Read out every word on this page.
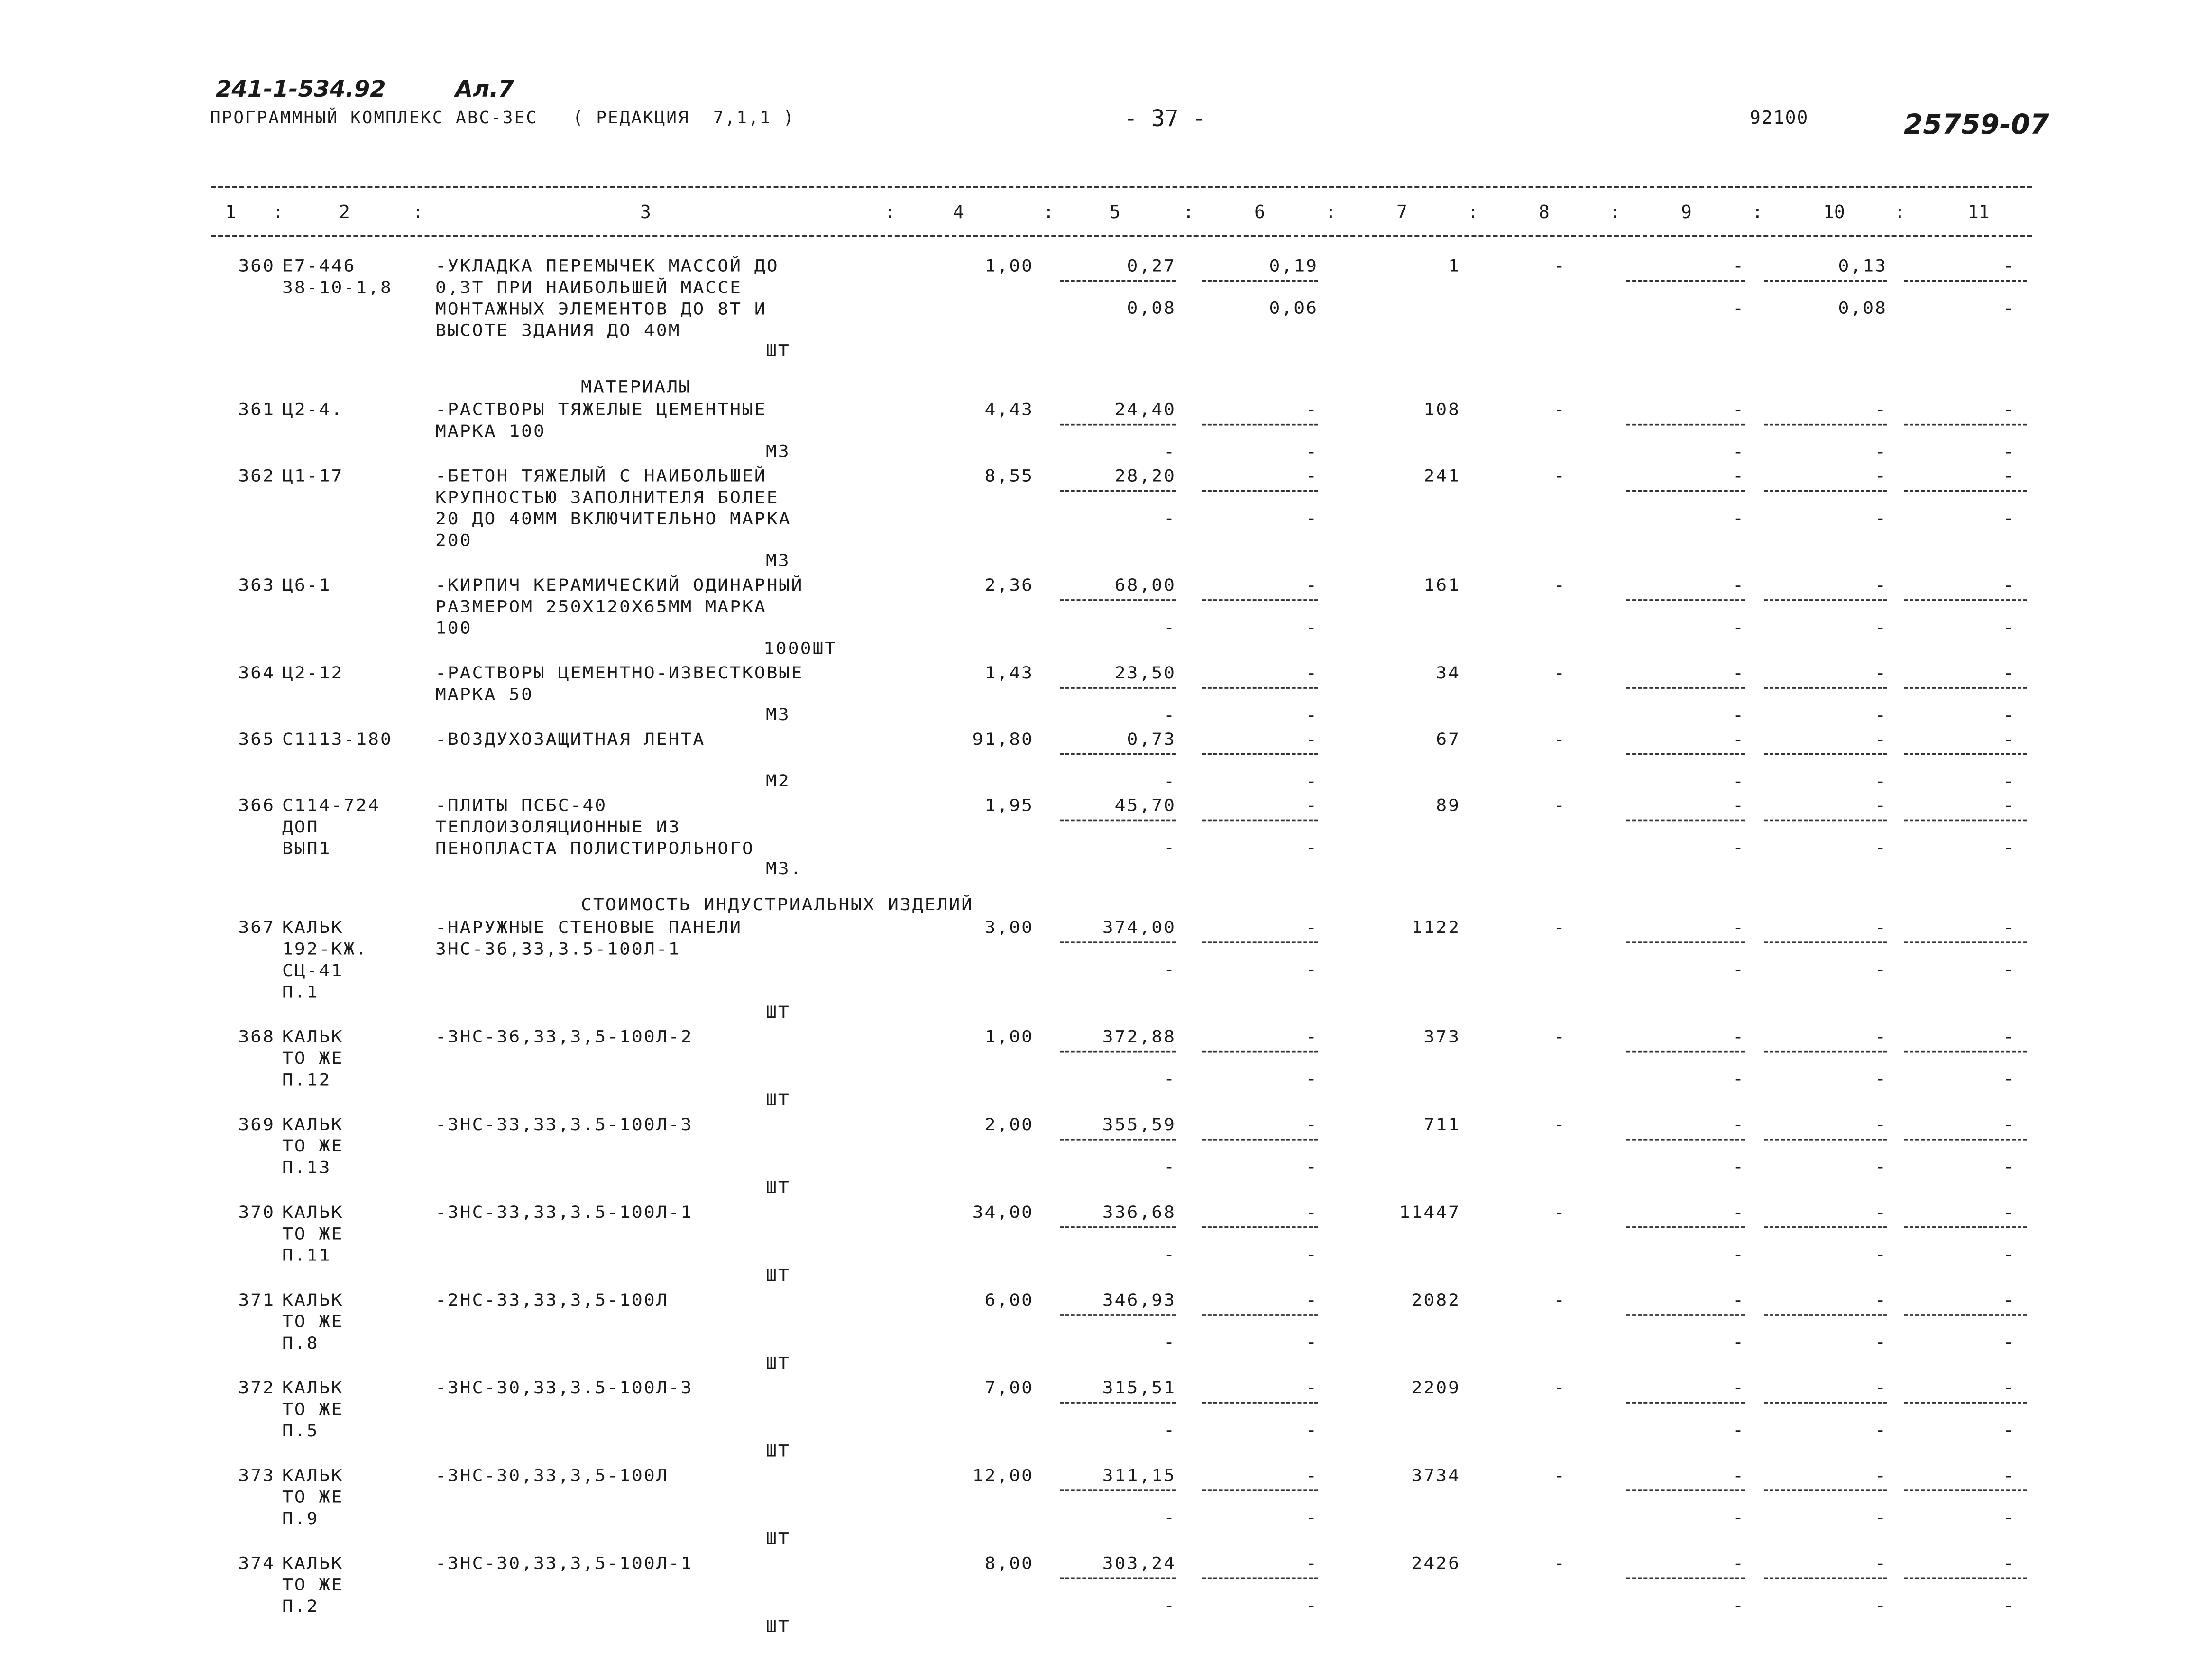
241-1-534.92	Ал.7
ПРОГРАММНЫЙ КОМПЛЕКС АВС-ЗЕС   ( РЕДАКЦИЯ  7,1,1 )	- 37 -	92100	25759-07
1	2	3	4	5	6	7	8	9	10	11
:	:	:	:	:	:	:	:	:	:
360 Е7-446
38-10-1,8
-УКЛАДКА ПЕРЕМЫЧЕК МАССОЙ ДО
0,3Т ПРИ НАИБОЛЬШЕЙ МАССЕ
МОНТАЖНЫХ ЭЛЕМЕНТОВ ДО 8Т И
ВЫСОТЕ ЗДАНИЯ ДО 40М
1,00	0,27	0,19	1	-	-	0,13	-
0,08	0,06	-	0,08	-
ШТ
МАТЕРИАЛЫ
361 Ц2-4.	-РАСТВОРЫ ТЯЖЕЛЫЕ ЦЕМЕНТНЫЕ
МАРКА 100
4,43	24,40	-	108	-	-	-	-
-	-	-	-	-
М3
362 Ц1-17	-БЕТОН ТЯЖЕЛЫЙ С НАИБОЛЬШЕЙ
КРУПНОСТЬЮ ЗАПОЛНИТЕЛЯ БОЛЕЕ
20 ДО 40ММ ВКЛЮЧИТЕЛЬНО МАРКА
200
8,55	28,20	-	241	-	-	-	-
-	-	-	-	-
М3
363 Ц6-1	-КИРПИЧ КЕРАМИЧЕСКИЙ ОДИНАРНЫЙ
РАЗМЕРОМ 250Х120Х65ММ МАРКА
100
2,36	68,00	-	161	-	-	-	-
-	-	-	-	-
1000ШТ
364 Ц2-12	-РАСТВОРЫ ЦЕМЕНТНО-ИЗВЕСТКОВЫЕ
МАРКА 50
1,43	23,50	-	34	-	-	-	-
-	-	-	-	-
М3
365 С1113-180 -ВОЗДУХОЗАЩИТНАЯ ЛЕНТА	91,80	0,73	-	67	-	-	-	-
-	-	-	-	-
М2
366 С114-724
ДОП
ВЫП1
-ПЛИТЫ ПСБС-40
ТЕПЛОИЗОЛЯЦИОННЫЕ ИЗ
ПЕНОПЛАСТА ПОЛИСТИРОЛЬНОГО
1,95	45,70	-	89	-	-	-	-
-	-	-	-	-
М3.
СТОИМОСТЬ ИНДУСТРИАЛЬНЫХ ИЗДЕЛИЙ
367 КАЛЬК
192-КЖ.
СЦ-41
П.1
-НАРУЖНЫЕ СТЕНОВЫЕ ПАНЕЛИ
3НС-36,33,3.5-100Л-1
3,00	374,00	-	1122	-	-	-	-
-	-	-	-	-
ШТ
368 КАЛЬК
ТО ЖЕ
П.12
-3НС-36,33,3,5-100Л-2	1,00	372,88	-	373	-	-	-	-
-	-	-	-	-
ШТ
369 КАЛЬК
ТО ЖЕ
П.13
-3НС-33,33,3.5-100Л-3	2,00	355,59	-	711	-	-	-	-
-	-	-	-	-
ШТ
370 КАЛЬК
ТО ЖЕ
П.11
-3НС-33,33,3.5-100Л-1	34,00	336,68	-	11447	-	-	-	-
-	-	-	-	-
ШТ
371 КАЛЬК
ТО ЖЕ
П.8
-2НС-33,33,3,5-100Л	6,00	346,93	-	2082	-	-	-	-
-	-	-	-	-
ШТ
372 КАЛЬК
ТО ЖЕ
П.5
-3НС-30,33,3.5-100Л-3	7,00	315,51	-	2209	-	-	-	-
-	-	-	-	-
ШТ
373 КАЛЬК
ТО ЖЕ
П.9
-3НС-30,33,3,5-100Л	12,00	311,15	-	3734	-	-	-	-
-	-	-	-	-
ШТ
374 КАЛЬК
ТО ЖЕ
П.2
-3НС-30,33,3,5-100Л-1	8,00	303,24	-	2426	-	-	-	-
-	-	-	-	-
ШТ
